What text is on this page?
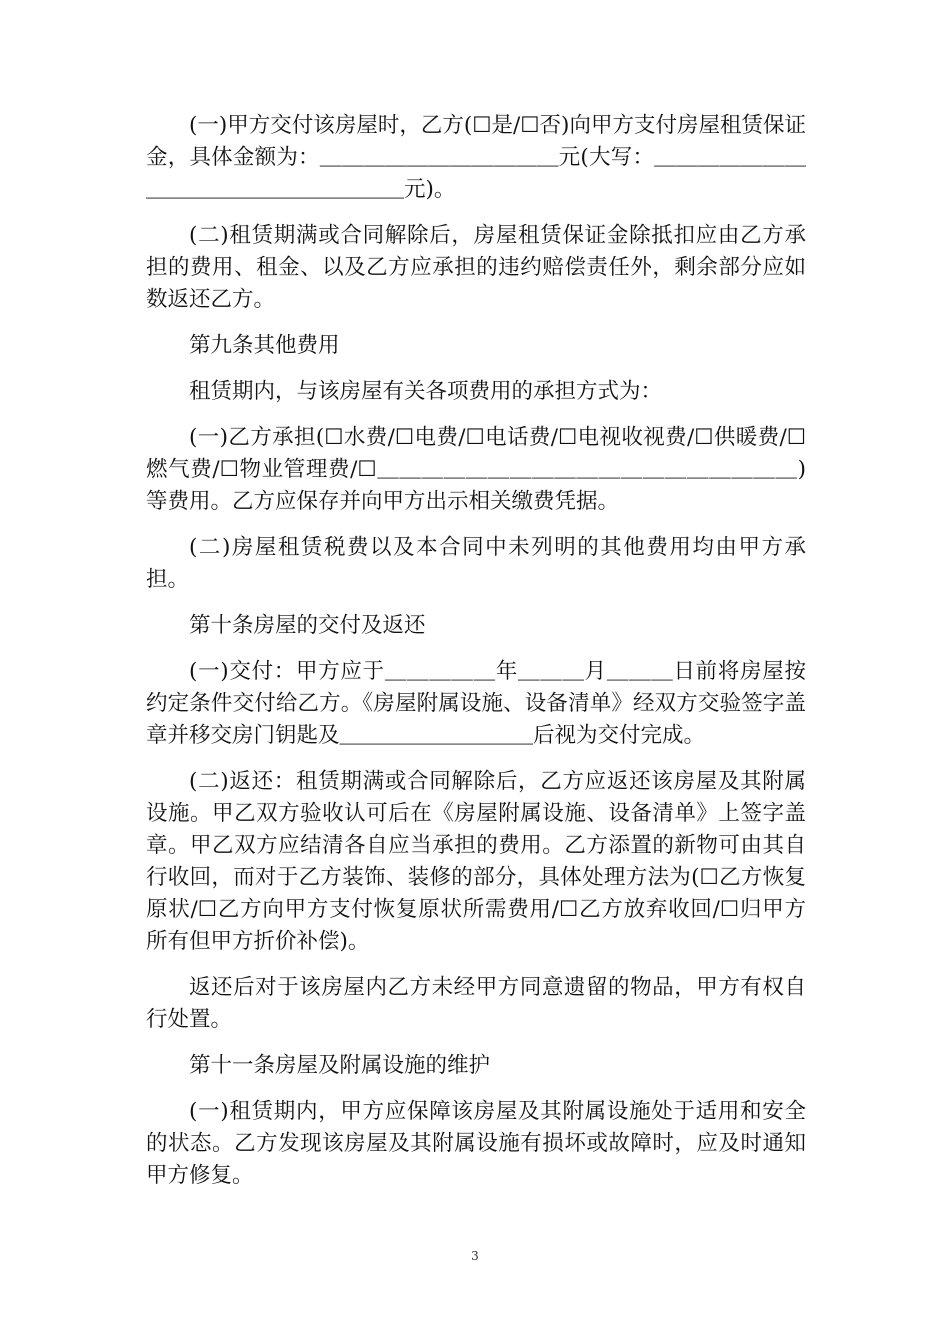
(一)甲方交付该房屋时，乙方(☐是/☐否)向甲方支付房屋租赁保证金，具体金额为：＿＿＿＿＿＿＿＿＿＿＿元(大写：＿＿＿＿＿＿＿＿＿＿＿＿＿＿＿＿＿＿＿元)。

(二)租赁期满或合同解除后，房屋租赁保证金除抵扣应由乙方承担的费用、租金、以及乙方应承担的违约赔偿责任外，剩余部分应如数返还乙方。

第九条其他费用

租赁期内，与该房屋有关各项费用的承担方式为：

(一)乙方承担(☐水费/☐电费/☐电话费/☐电视收视费/☐供暖费/☐燃气费/☐物业管理费/☐＿＿＿＿＿＿＿＿＿＿＿＿＿＿＿＿＿＿＿)等费用。乙方应保存并向甲方出示相关缴费凭据。

(二)房屋租赁税费以及本合同中未列明的其他费用均由甲方承担。

第十条房屋的交付及返还

(一)交付：甲方应于＿＿＿＿＿年＿＿＿月＿＿＿日前将房屋按约定条件交付给乙方。《房屋附属设施、设备清单》经双方交验签字盖章并移交房门钥匙及＿＿＿＿＿＿＿＿＿后视为交付完成。

(二)返还：租赁期满或合同解除后，乙方应返还该房屋及其附属设施。甲乙双方验收认可后在《房屋附属设施、设备清单》上签字盖章。甲乙双方应结清各自应当承担的费用。乙方添置的新物可由其自行收回，而对于乙方装饰、装修的部分，具体处理方法为(☐乙方恢复原状/☐乙方向甲方支付恢复原状所需费用/☐乙方放弃收回/☐归甲方所有但甲方折价补偿)。

返还后对于该房屋内乙方未经甲方同意遗留的物品，甲方有权自行处置。

第十一条房屋及附属设施的维护

(一)租赁期内，甲方应保障该房屋及其附属设施处于适用和安全的状态。乙方发现该房屋及其附属设施有损坏或故障时，应及时通知甲方修复。

3
